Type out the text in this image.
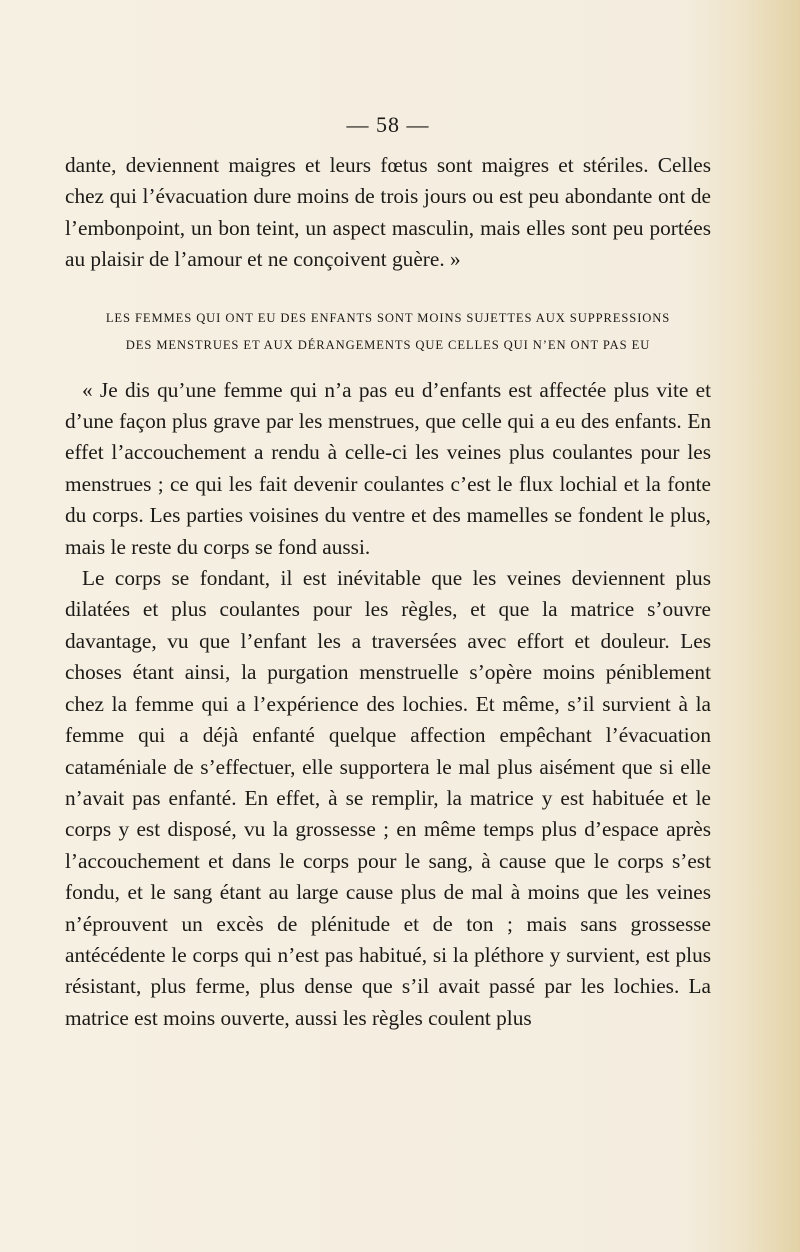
— 58 —

dante, deviennent maigres et leurs fœtus sont maigres et stériles. Celles chez qui l’évacuation dure moins de trois jours ou est peu abondante ont de l’embonpoint, un bon teint, un aspect masculin, mais elles sont peu portées au plaisir de l’amour et ne conçoivent guère. »

LES FEMMES QUI ONT EU DES ENFANTS SONT MOINS SUJETTES AUX SUPPRESSIONS
DES MENSTRUES ET AUX DÉRANGEMENTS QUE CELLES QUI N’EN ONT PAS EU

« Je dis qu’une femme qui n’a pas eu d’enfants est affectée plus vite et d’une façon plus grave par les menstrues, que celle qui a eu des enfants. En effet l’accouchement a rendu à celle-ci les veines plus coulantes pour les menstrues ; ce qui les fait devenir coulantes c’est le flux lochial et la fonte du corps. Les parties voisines du ventre et des mamelles se fondent le plus, mais le reste du corps se fond aussi.

Le corps se fondant, il est inévitable que les veines deviennent plus dilatées et plus coulantes pour les règles, et que la matrice s’ouvre davantage, vu que l’enfant les a traversées avec effort et douleur. Les choses étant ainsi, la purgation menstruelle s’opère moins péniblement chez la femme qui a l’expérience des lochies. Et même, s’il survient à la femme qui a déjà enfanté quelque affection empêchant l’évacuation cataméniale de s’effectuer, elle supportera le mal plus aisément que si elle n’avait pas enfanté. En effet, à se remplir, la matrice y est habituée et le corps y est disposé, vu la grossesse ; en même temps plus d’espace après l’accouchement et dans le corps pour le sang, à cause que le corps s’est fondu, et le sang étant au large cause plus de mal à moins que les veines n’éprouvent un excès de plénitude et de ton ; mais sans grossesse antécédente le corps qui n’est pas habitué, si la pléthore y survient, est plus résistant, plus ferme, plus dense que s’il avait passé par les lochies. La matrice est moins ouverte, aussi les règles coulent plus
